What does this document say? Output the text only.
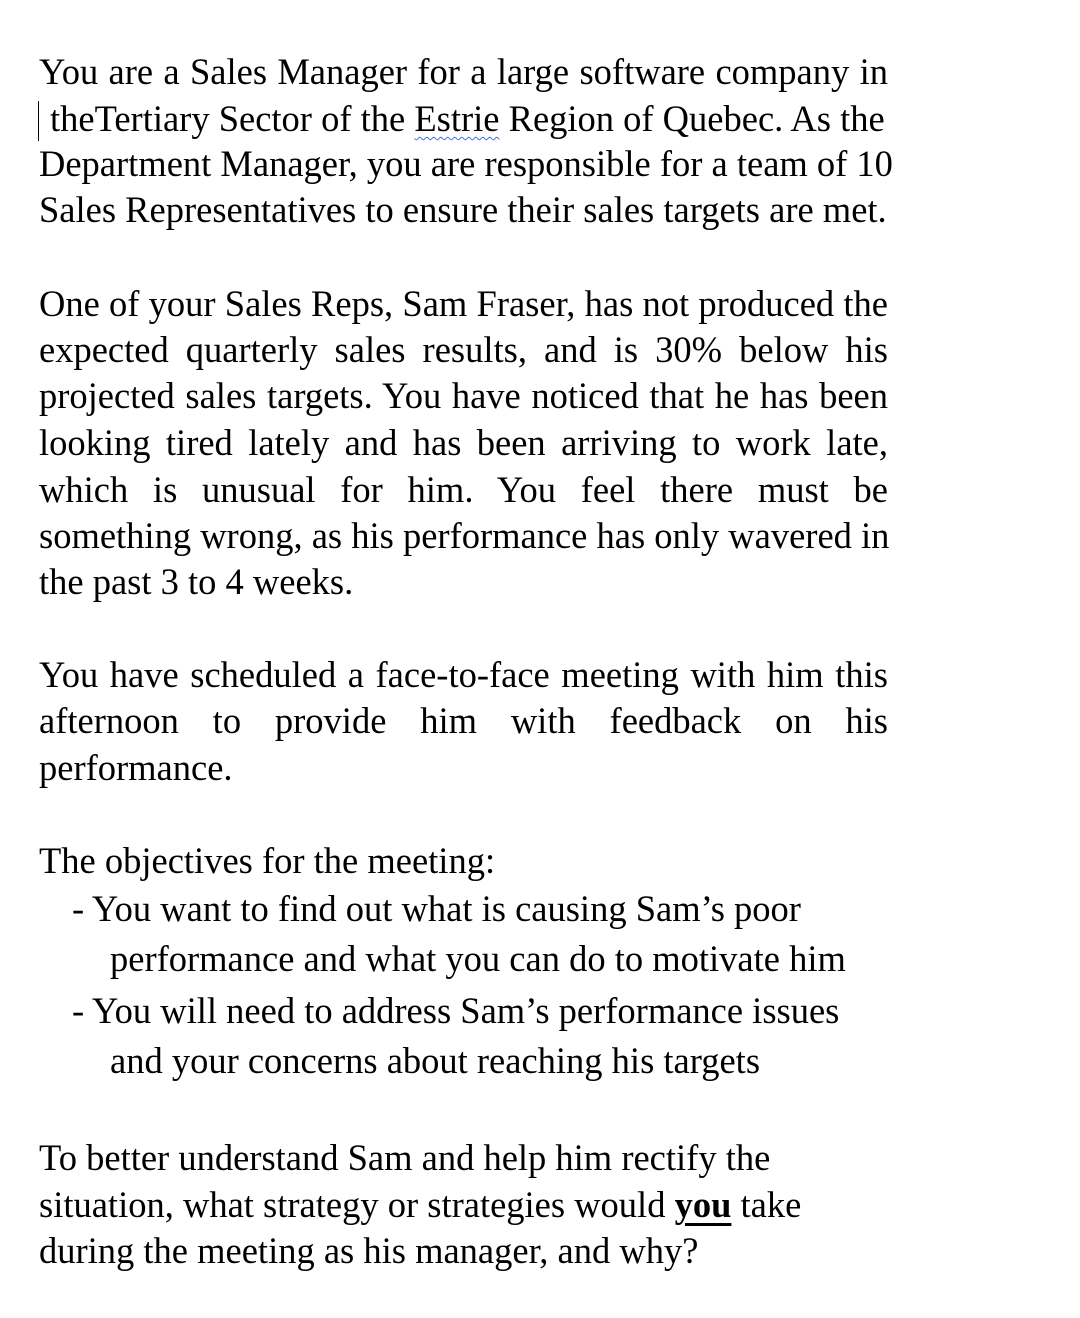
You are a Sales Manager for a large software company in
theTertiary Sector of the Estrie Region of Quebec. As the
Department Manager, you are responsible for a team of 10
Sales Representatives to ensure their sales targets are met.
One of your Sales Reps, Sam Fraser, has not produced the
expected quarterly sales results, and is 30% below his
projected sales targets. You have noticed that he has been
looking tired lately and has been arriving to work late,
which is unusual for him. You feel there must be
something wrong, as his performance has only wavered in
the past 3 to 4 weeks.
You have scheduled a face-to-face meeting with him this
afternoon to provide him with feedback on his
performance.
The objectives for the meeting:
- You want to find out what is causing Sam’s poor
performance and what you can do to motivate him
- You will need to address Sam’s performance issues
and your concerns about reaching his targets
To better understand Sam and help him rectify the
situation, what strategy or strategies would you take
during the meeting as his manager, and why?
